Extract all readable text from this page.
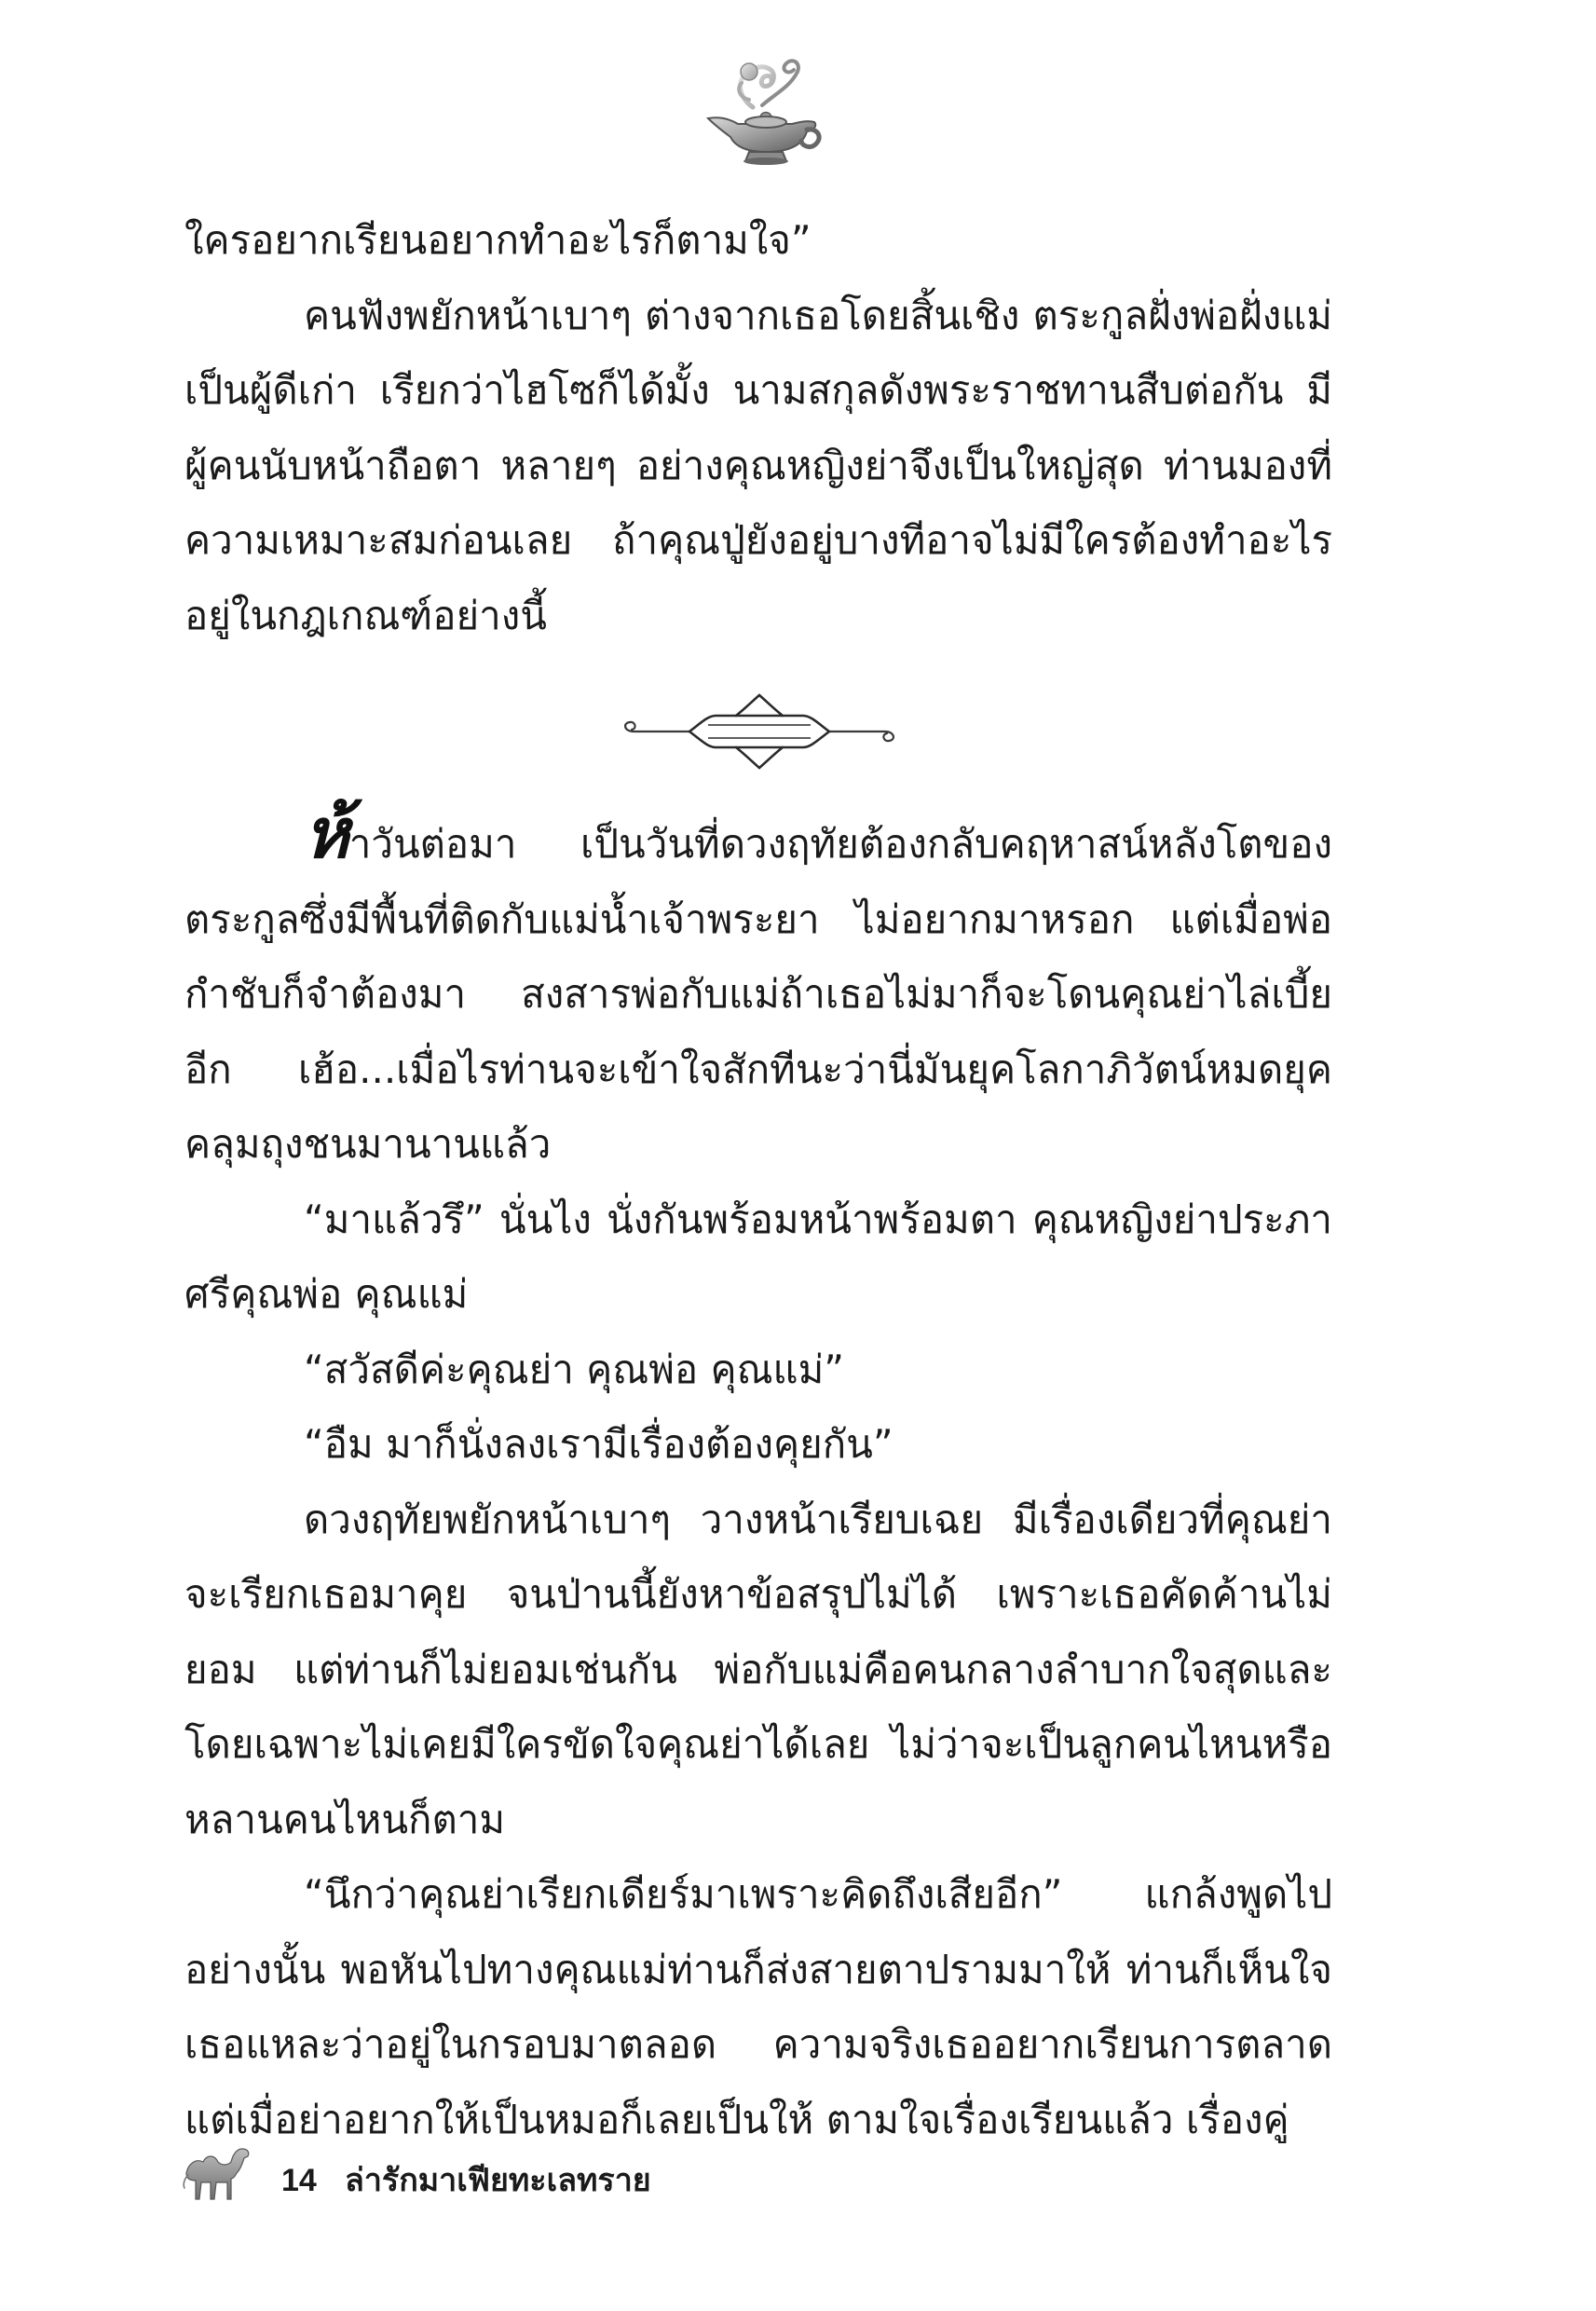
ใครอยากเรียนอยากทำอะไรก็ตามใจ”

คนฟังพยักหน้าเบาๆ ต่างจากเธอโดยสิ้นเชิง ตระกูลฝั่งพ่อฝั่งแม่เป็นผู้ดีเก่า เรียกว่าไฮโซก็ได้มั้ง นามสกุลดังพระราชทานสืบต่อกัน มีผู้คนนับหน้าถือตา หลายๆ อย่างคุณหญิงย่าจึงเป็นใหญ่สุด ท่านมองที่ความเหมาะสมก่อนเลย ถ้าคุณปู่ยังอยู่บางทีอาจไม่มีใครต้องทำอะไรอยู่ในกฎเกณฑ์อย่างนี้

ห้าวันต่อมา เป็นวันที่ดวงฤทัยต้องกลับคฤหาสน์หลังโตของตระกูลซึ่งมีพื้นที่ติดกับแม่น้ำเจ้าพระยา ไม่อยากมาหรอก แต่เมื่อพ่อกำชับก็จำต้องมา สงสารพ่อกับแม่ถ้าเธอไม่มาก็จะโดนคุณย่าไล่เบี้ยอีก เฮ้อ...เมื่อไรท่านจะเข้าใจสักทีนะว่านี่มันยุคโลกาภิวัตน์หมดยุคคลุมถุงชนมานานแล้ว

“มาแล้วรึ” นั่นไง นั่งกันพร้อมหน้าพร้อมตา คุณหญิงย่าประภาศรีคุณพ่อ คุณแม่

“สวัสดีค่ะคุณย่า คุณพ่อ คุณแม่”

“อืม มาก็นั่งลงเรามีเรื่องต้องคุยกัน”

ดวงฤทัยพยักหน้าเบาๆ วางหน้าเรียบเฉย มีเรื่องเดียวที่คุณย่าจะเรียกเธอมาคุย จนป่านนี้ยังหาข้อสรุปไม่ได้ เพราะเธอคัดค้านไม่ยอม แต่ท่านก็ไม่ยอมเช่นกัน พ่อกับแม่คือคนกลางลำบากใจสุดและโดยเฉพาะไม่เคยมีใครขัดใจคุณย่าได้เลย ไม่ว่าจะเป็นลูกคนไหนหรือหลานคนไหนก็ตาม

“นึกว่าคุณย่าเรียกเดียร์มาเพราะคิดถึงเสียอีก” แกล้งพูดไปอย่างนั้น พอหันไปทางคุณแม่ท่านก็ส่งสายตาปรามมาให้ ท่านก็เห็นใจเธอแหละว่าอยู่ในกรอบมาตลอด ความจริงเธออยากเรียนการตลาดแต่เมื่อย่าอยากให้เป็นหมอก็เลยเป็นให้ ตามใจเรื่องเรียนแล้ว เรื่องคู่

14 ล่ารักมาเฟียทะเลทราย
